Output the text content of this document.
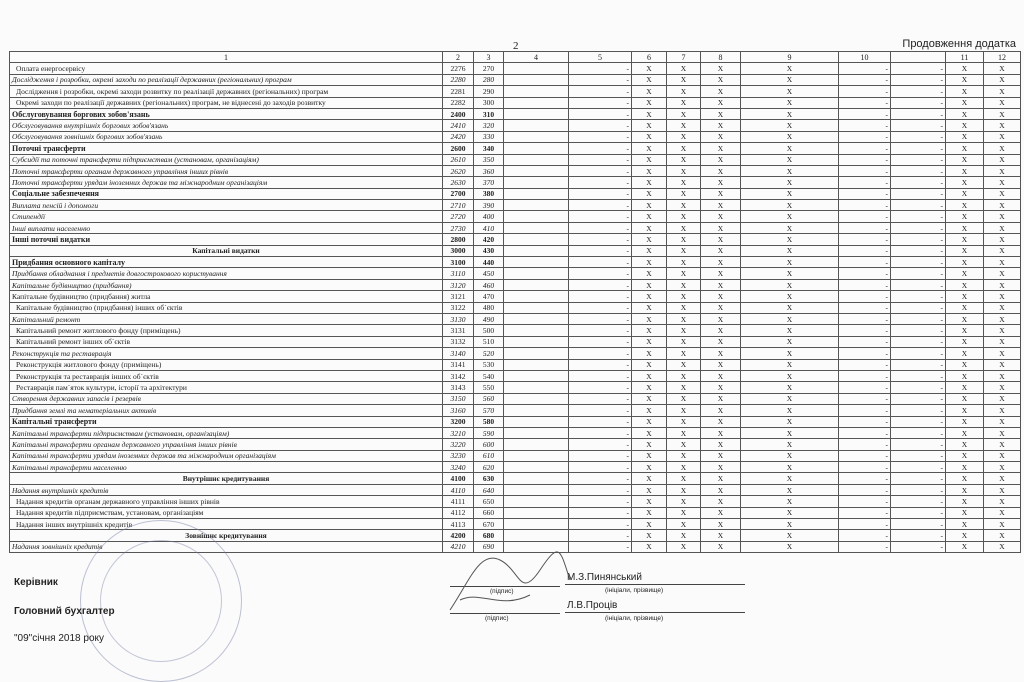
2	Продовження додатка
1	2	3	4	5	6	7	8	9	10		11	12
Оплата енергосервісу	2276	270		-	X	X	X	X	-	-	X	X
Дослідження і розробки, окремі заходи по реалізації державних (регіональних) програм	2280	280		-	X	X	X	X	-	-	X	X
Дослідження і розробки, окремі заходи розвитку по реалізації державних (регіональних) програм	2281	290		-	X	X	X	X	-	-	X	X
Окремі заходи по реалізації державних (регіональних) програм, не віднесені до заходів розвитку	2282	300		-	X	X	X	X	-	-	X	X
Обслуговування боргових зобов'язань	2400	310		-	X	X	X	X	-	-	X	X
Обслуговування внутрішніх боргових зобов'язань	2410	320		-	X	X	X	X	-	-	X	X
Обслуговування зовнішніх боргових зобов'язань	2420	330		-	X	X	X	X	-	-	X	X
Поточні трансферти	2600	340		-	X	X	X	X	-	-	X	X
Субсидії та поточні трансферти підприємствам (установам, організаціям)	2610	350		-	X	X	X	X	-	-	X	X
Поточні трансферти органам державного управління інших рівнів	2620	360		-	X	X	X	X	-	-	X	X
Поточні трансферти урядам іноземних держав та міжнародним організаціям	2630	370		-	X	X	X	X	-	-	X	X
Соціальне забезпечення	2700	380		-	X	X	X	X	-	-	X	X
Виплата пенсій і допомоги	2710	390		-	X	X	X	X	-	-	X	X
Стипендії	2720	400		-	X	X	X	X	-	-	X	X
Інші виплати населенню	2730	410		-	X	X	X	X	-	-	X	X
Інші поточні видатки	2800	420		-	X	X	X	X	-	-	X	X
Капітальні видатки	3000	430		-	X	X	X	X	-	-	X	X
Придбання основного капіталу	3100	440		-	X	X	X	X	-	-	X	X
Придбання обладнання і предметів довгострокового користування	3110	450		-	X	X	X	X	-	-	X	X
Капітальне будівництво (придбання)	3120	460		-	X	X	X	X	-	-	X	X
Капітальне будівництво (придбання) житла	3121	470		-	X	X	X	X	-	-	X	X
Капітальне будівництво (придбання) інших об`єктів	3122	480		-	X	X	X	X	-	-	X	X
Капітальний ремонт	3130	490		-	X	X	X	X	-	-	X	X
Капітальний ремонт житлового фонду (приміщень)	3131	500		-	X	X	X	X	-	-	X	X
Капітальний ремонт інших об`єктів	3132	510		-	X	X	X	X	-	-	X	X
Реконструкція та реставрація	3140	520		-	X	X	X	X	-	-	X	X
Реконструкція житлового фонду (приміщень)	3141	530		-	X	X	X	X	-	-	X	X
Реконструкція та реставрація інших об`єктів	3142	540		-	X	X	X	X	-	-	X	X
Реставрація пам`яток культури, історії та архітектури	3143	550		-	X	X	X	X	-	-	X	X
Створення державних запасів і резервів	3150	560		-	X	X	X	X	-	-	X	X
Придбання землі та нематеріальних активів	3160	570		-	X	X	X	X	-	-	X	X
Капітальні трансферти	3200	580		-	X	X	X	X	-	-	X	X
Капітальні трансферти підприємствам (установам, організаціям)	3210	590		-	X	X	X	X	-	-	X	X
Капітальні трансферти органам державного управління інших рівнів	3220	600		-	X	X	X	X	-	-	X	X
Капітальні трансферти урядам іноземних держав та міжнародним організаціям	3230	610		-	X	X	X	X	-	-	X	X
Капітальні трансферти населенню	3240	620		-	X	X	X	X	-	-	X	X
Внутрішнє кредитування	4100	630		-	X	X	X	X	-	-	X	X
Надання внутрішніх кредитів	4110	640		-	X	X	X	X	-	-	X	X
Надання кредитів органам державного управління інших рівнів	4111	650		-	X	X	X	X	-	-	X	X
Надання кредитів підприємствам, установам, організаціям	4112	660		-	X	X	X	X	-	-	X	X
Надання інших внутрішніх кредитів	4113	670		-	X	X	X	X	-	-	X	X
Зовнішнє кредитування	4200	680		-	X	X	X	X	-	-	X	X
Надання зовнішніх кредитів	4210	690		-	X	X	X	X	-	-	X	X
Керівник
(підпис)
М.З.Пинянський
(ініціали, прізвище)
Головний бухгалтер
(підпис)
Л.В.Проців
(ініціали, прізвище)
"09"січня 2018 року
